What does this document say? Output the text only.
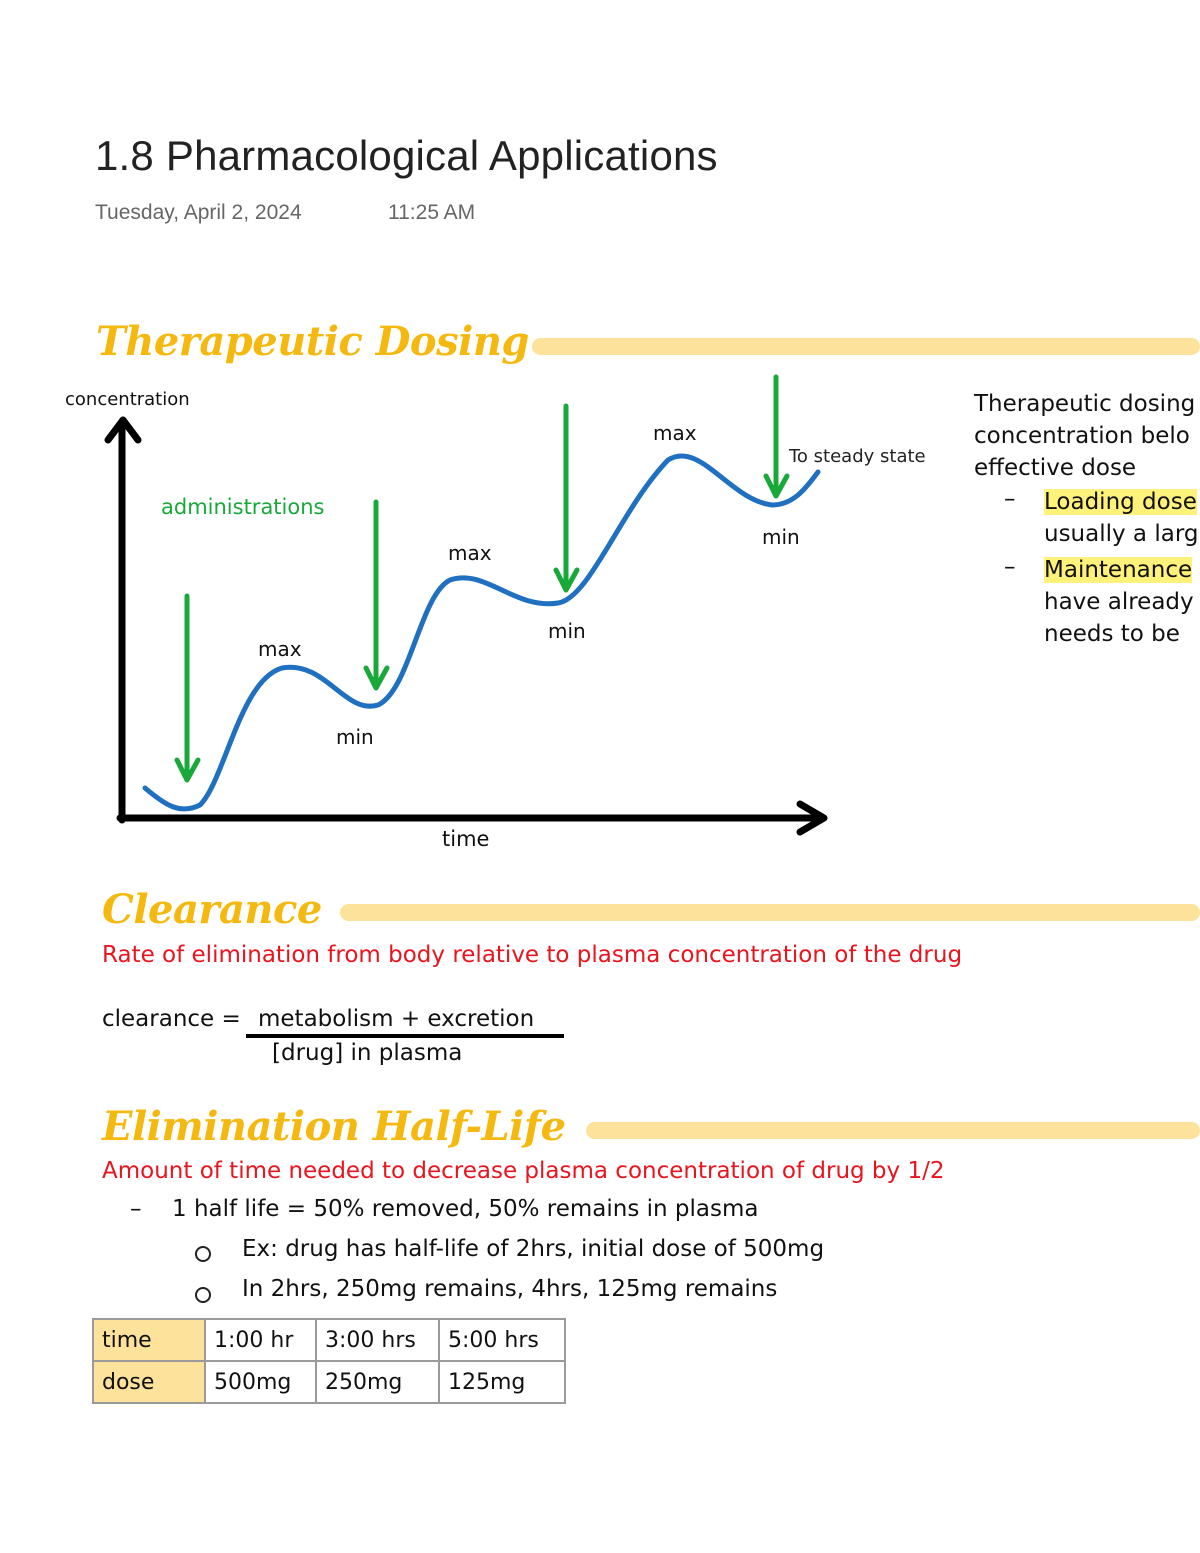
1.8 Pharmacological Applications
Tuesday, April 2, 2024	11:25 AM
Therapeutic Dosing
concentration
time
administrations
To steady state
max
max
max
min
min
min
Therapeutic dosing
concentration belo
effective dose
– Loading dose
usually a larg
– Maintenance
have already
needs to be
Clearance
Rate of elimination from body relative to plasma concentration of the drug
clearance = metabolism + excretion
[drug] in plasma
Elimination Half-Life
Amount of time needed to decrease plasma concentration of drug by 1/2
– 1 half life = 50% removed, 50% remains in plasma
Ex: drug has half-life of 2hrs, initial dose of 500mg
In 2hrs, 250mg remains, 4hrs, 125mg remains
time	1:00 hr	3:00 hrs	5:00 hrs
dose	500mg	250mg	125mg
